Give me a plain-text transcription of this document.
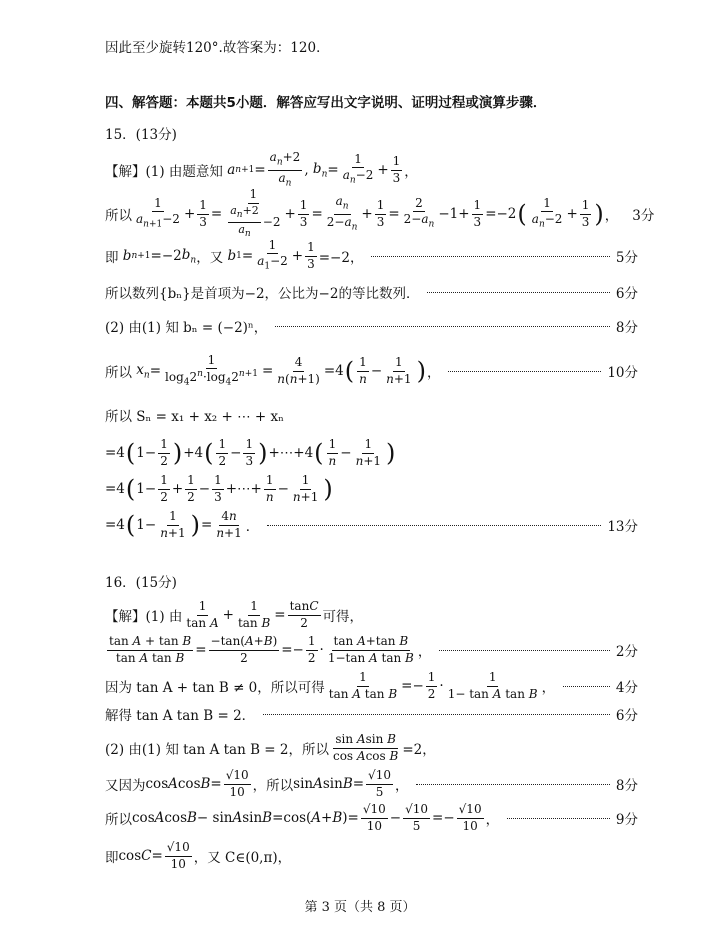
因此至少旋转120°.故答案为：120．
四、解答题：本题共5小题．解答应写出文字说明、证明过程或演算步骤．
15．(13分)
【解】(1) 由题意知
a n+1 =
$a_n+2$
$a_n$
, $b_n$ =
1
$a_n-2$ +
1
3 ，
所以
1
$a_{n+1}-2$ +
1
3 =
1
$\frac{a_n+2}{a_n} -2$ +
1
3 =
$a_n$
$2-a_n$
+
1
3 =
2
$2-a_n$
−1+
1
3 =−2 ( 1
$a_n-2$ +
1
3 ) ， 3分
即
b n+1 =−2 $b_n$ ，又
b 1 =
1
$a_1-2$ +
1
3 =−2，	5分
所以数列{bₙ}是首项为−2，公比为−2的等比数列．	6分
(2) 由(1) 知 bₙ = (−2)ⁿ，	8分
所以
$x_n$ =
1
$\log_42^n\cdot\log_42^{n+1}$ =
4
n(n+1) =4 ( 1
n −
1
n+1 ) ，	10分
所以 Sₙ = x₁ + x₂ + ⋯ + xₙ
=4 ( 1−
1
2 ) +4 ( 1
2 −
1
3 ) +⋯+4 ( 1
n −
1
n+1 )
=4 ( 1−
1
2 +
1
2 −
1
3 +⋯+
1
n −
1
n+1 )
=4 ( 1−
1
n+1 ) =
4n
n+1 ．	13分
16．(15分)
【解】(1) 由
1
tan A +
1
tan B =
tanC
2 可得，
tan A + tan B
tan A tan B =
−tan(A+B)
2 =−
1
2 ·
tan A+tan B
1−tan A tan B ，	2分
因为 tan A + tan B ≠ 0，所以可得
1
tan A tan B =−
1
2 ·
1
1− tan A tan B ，	4分
解得 tan A tan B = 2．	6分
(2) 由(1) 知 tan A tan B = 2，所以
sin Asin B
cos Acos B =2，
又因为 cos A cos B =
√10
10 ，所以 sin A sin B =
√10
5 ，	8分
所以 cos A cos B − sin A sin B =cos( A + B )=
√10
10 −
√10
5 =−
√10
10 ，	9分
即 cos C =
√10
10 ，又 C∈(0,π)，
第 3 页（共 8 页）
